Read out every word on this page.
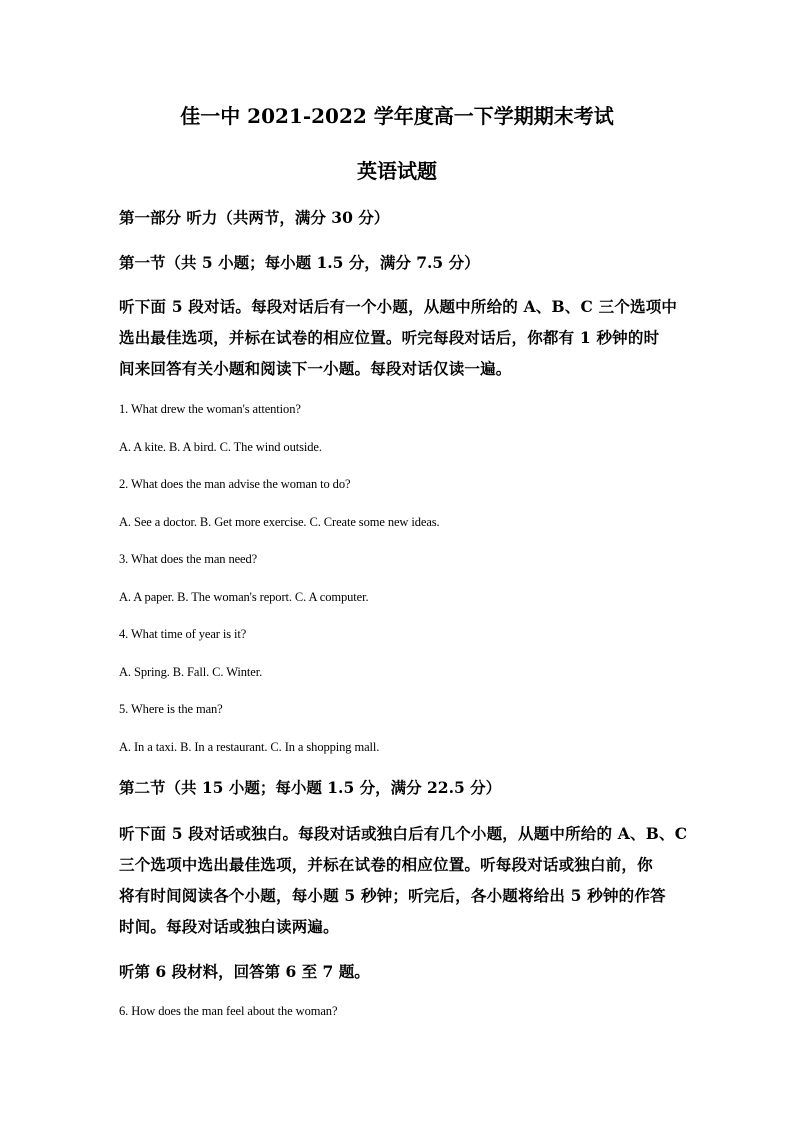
佳一中 2021-2022 学年度高一下学期期末考试
英语试题
第一部分 听力（共两节，满分 30 分）
第一节（共 5 小题；每小题 1.5 分，满分 7.5 分）
听下面 5 段对话。每段对话后有一个小题，从题中所给的 A、B、C 三个选项中
选出最佳选项，并标在试卷的相应位置。听完每段对话后，你都有 1 秒钟的时
间来回答有关小题和阅读下一小题。每段对话仅读一遍。
1. What drew the woman's attention?
A. A kite. B. A bird. C. The wind outside.
2. What does the man advise the woman to do?
A. See a doctor. B. Get more exercise. C. Create some new ideas.
3. What does the man need?
A. A paper. B. The woman's report. C. A computer.
4. What time of year is it?
A. Spring. B. Fall. C. Winter.
5. Where is the man?
A. In a taxi. B. In a restaurant. C. In a shopping mall.
第二节（共 15 小题；每小题 1.5 分，满分 22.5 分）
听下面 5 段对话或独白。每段对话或独白后有几个小题，从题中所给的 A、B、C
三个选项中选出最佳选项，并标在试卷的相应位置。听每段对话或独白前，你
将有时间阅读各个小题，每小题 5 秒钟；听完后，各小题将给出 5 秒钟的作答
时间。每段对话或独白读两遍。
听第 6 段材料，回答第 6 至 7 题。
6. How does the man feel about the woman?
